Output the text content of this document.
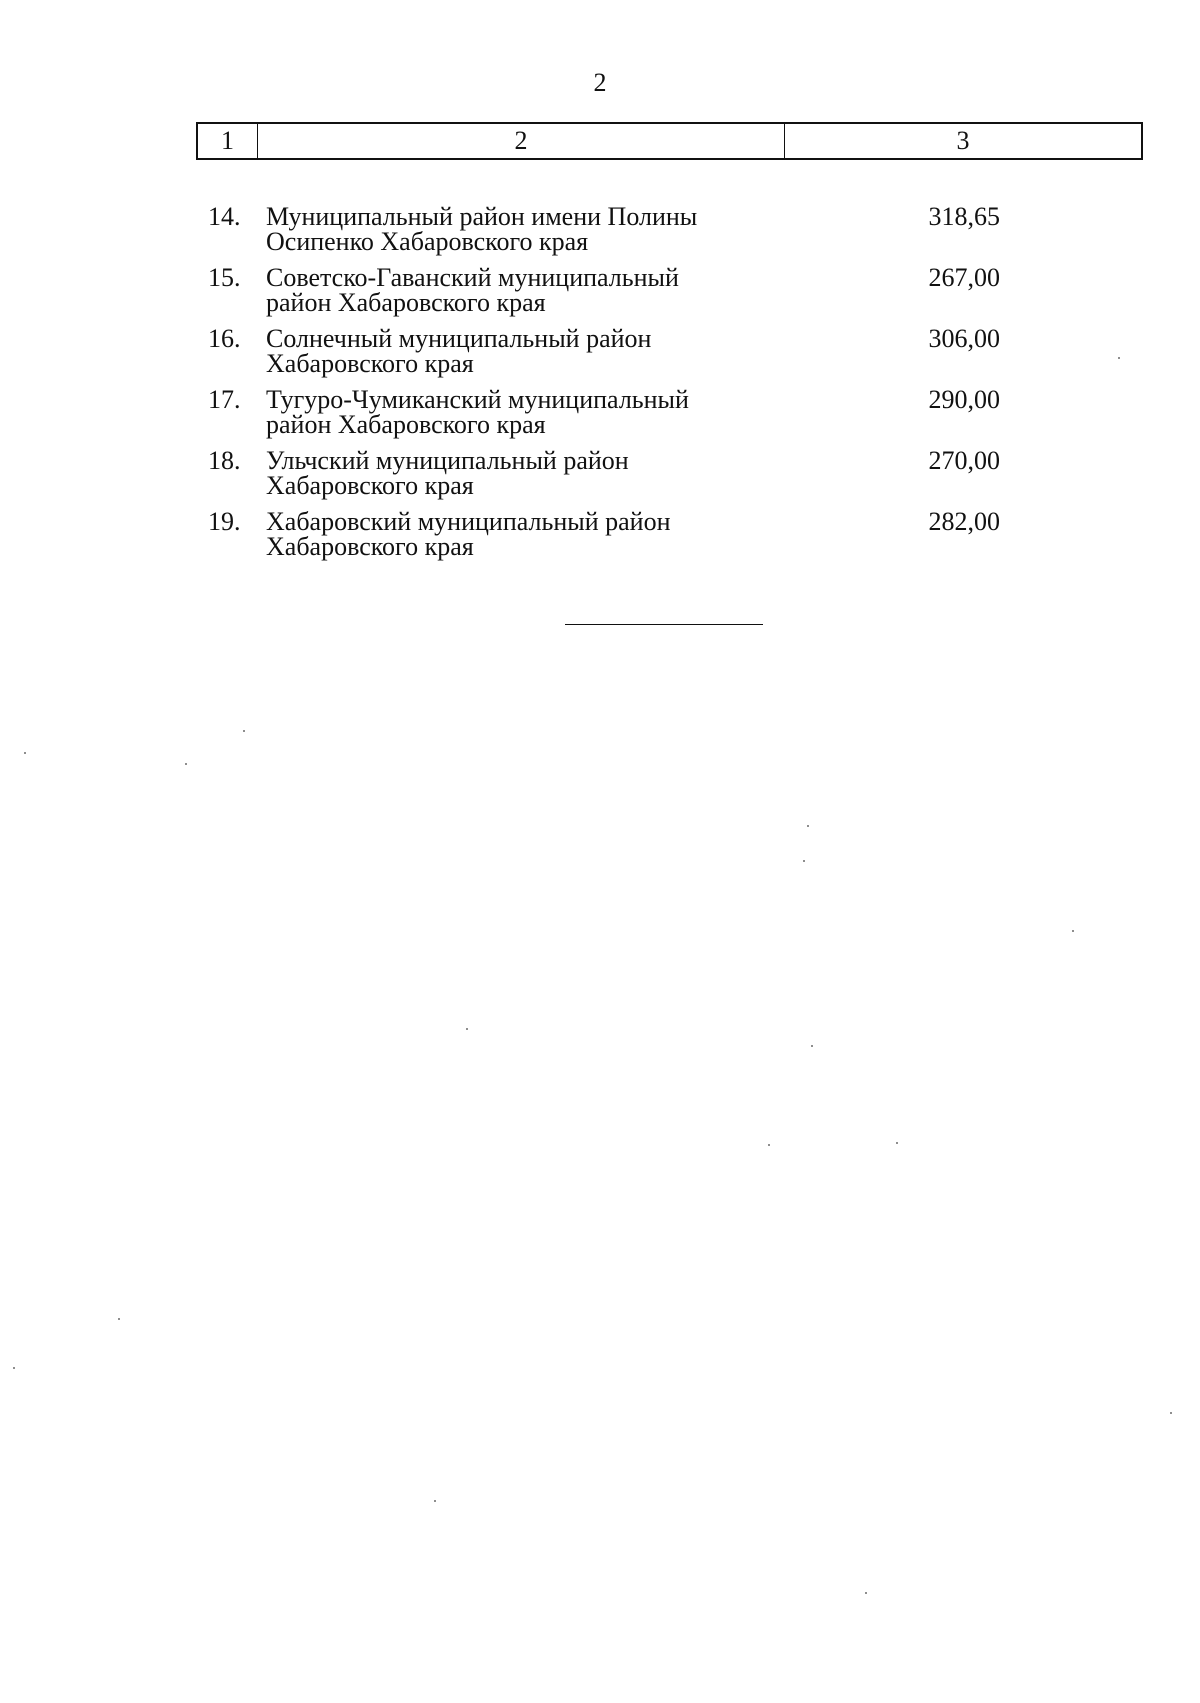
2
1	2	3
14. Муниципальный район имени Полины
Осипенко Хабаровского края
318,65
15. Советско-Гаванский муниципальный
район Хабаровского края
267,00
16. Солнечный муниципальный район
Хабаровского края
306,00
17. Тугуро-Чумиканский муниципальный
район Хабаровского края
290,00
18. Ульчский муниципальный район
Хабаровского края
270,00
19. Хабаровский муниципальный район
Хабаровского края
282,00
